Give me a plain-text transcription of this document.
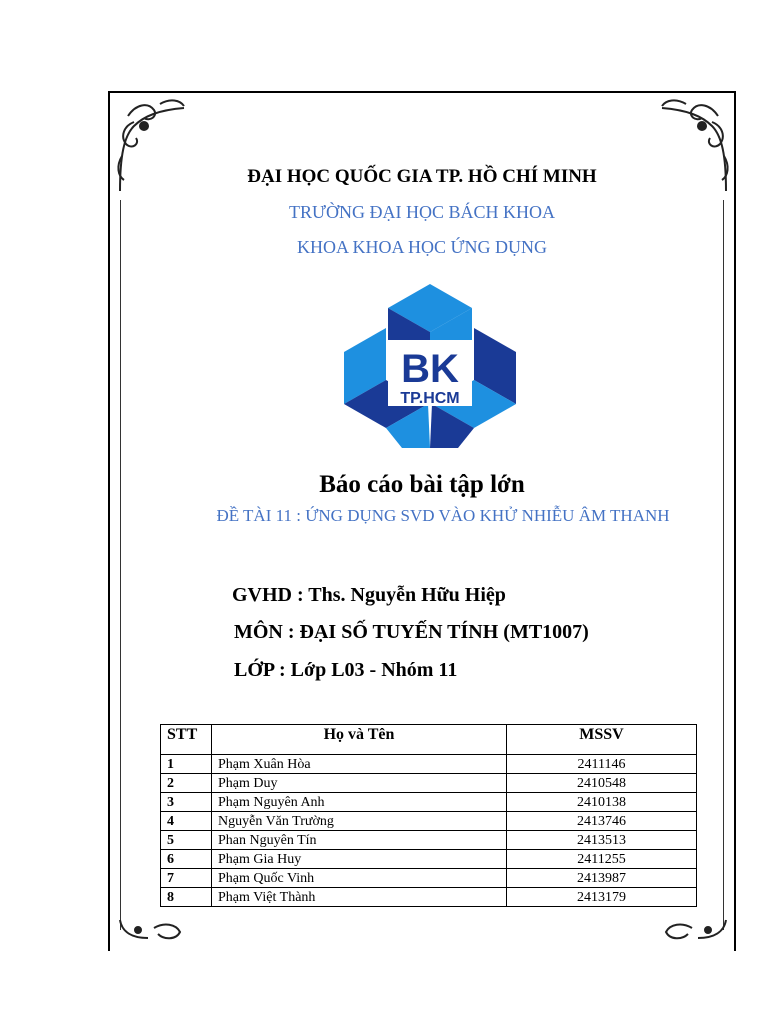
ĐẠI HỌC QUỐC GIA TP. HỒ CHÍ MINH
TRƯỜNG ĐẠI HỌC BÁCH KHOA
KHOA KHOA HỌC ỨNG DỤNG
BK
TP.HCM
Báo cáo bài tập lớn
ĐỀ TÀI 11 : ỨNG DỤNG SVD VÀO KHỬ NHIỄU ÂM THANH
GVHD : Ths. Nguyễn Hữu Hiệp
MÔN : ĐẠI SỐ TUYẾN TÍNH (MT1007)
LỚP : Lớp L03 - Nhóm 11
STT	Họ và Tên	MSSV
1	Phạm Xuân Hòa	2411146
2	Phạm Duy	2410548
3	Phạm Nguyên Anh	2410138
4	Nguyễn Văn Trường	2413746
5	Phan Nguyên Tín	2413513
6	Phạm Gia Huy	2411255
7	Phạm Quốc Vinh	2413987
8	Phạm Việt Thành	2413179
